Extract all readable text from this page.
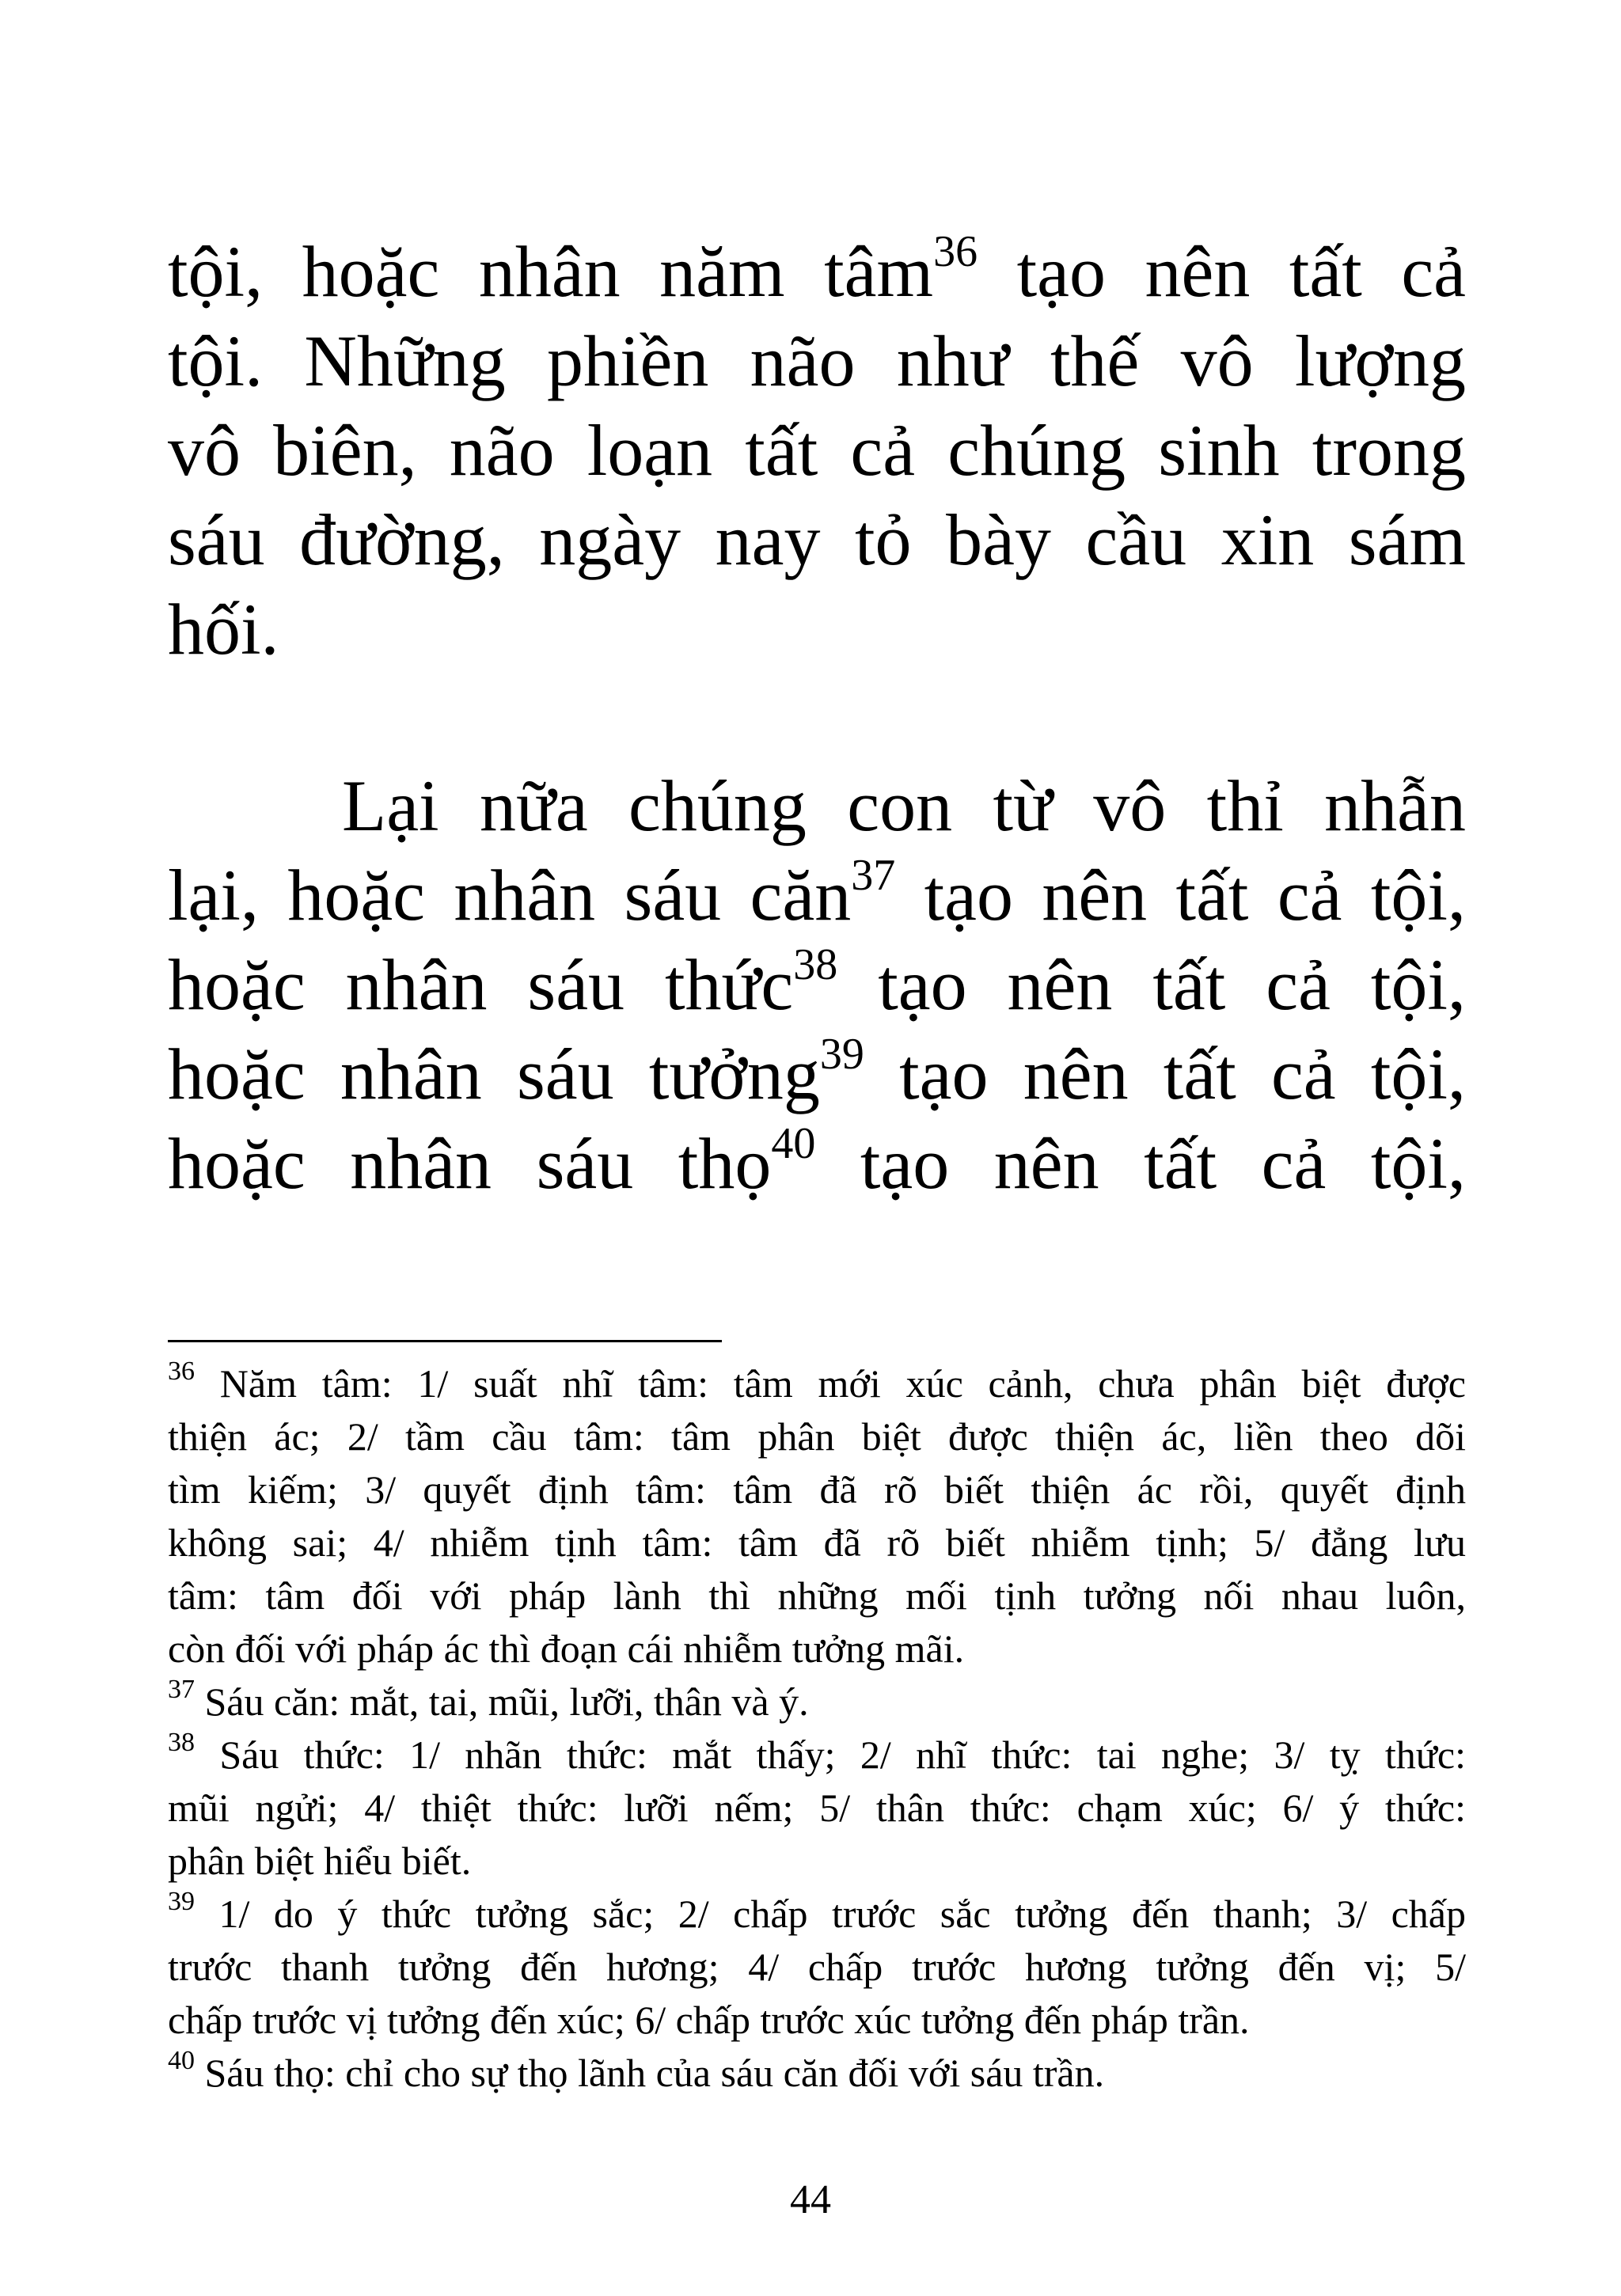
tội, hoặc nhân năm tâm$^{36}$ tạo nên tất cả
tội. Những phiền não như thế vô lượng
vô biên, não loạn tất cả chúng sinh trong
sáu đường, ngày nay tỏ bày cầu xin sám
hối.
Lại nữa chúng con từ vô thỉ nhẫn
lại, hoặc nhân sáu căn$^{37}$ tạo nên tất cả tội,
hoặc nhân sáu thức$^{38}$ tạo nên tất cả tội,
hoặc nhân sáu tưởng$^{39}$ tạo nên tất cả tội,
hoặc nhân sáu thọ$^{40}$ tạo nên tất cả tội,
$^{36}$ Năm tâm: 1/ suất nhĩ tâm: tâm mới xúc cảnh, chưa phân biệt được
thiện ác; 2/ tầm cầu tâm: tâm phân biệt được thiện ác, liền theo dõi
tìm kiếm; 3/ quyết định tâm: tâm đã rõ biết thiện ác rồi, quyết định
không sai; 4/ nhiễm tịnh tâm: tâm đã rõ biết nhiễm tịnh; 5/ đẳng lưu
tâm: tâm đối với pháp lành thì những mối tịnh tưởng nối nhau luôn,
còn đối với pháp ác thì đoạn cái nhiễm tưởng mãi.
$^{37}$ Sáu căn: mắt, tai, mũi, lưỡi, thân và ý.
$^{38}$ Sáu thức: 1/ nhãn thức: mắt thấy; 2/ nhĩ thức: tai nghe; 3/ tỵ thức:
mũi ngửi; 4/ thiệt thức: lưỡi nếm; 5/ thân thức: chạm xúc; 6/ ý thức:
phân biệt hiểu biết.
$^{39}$ 1/ do ý thức tưởng sắc; 2/ chấp trước sắc tưởng đến thanh; 3/ chấp
trước thanh tưởng đến hương; 4/ chấp trước hương tưởng đến vị; 5/
chấp trước vị tưởng đến xúc; 6/ chấp trước xúc tưởng đến pháp trần.
$^{40}$ Sáu thọ: chỉ cho sự thọ lãnh của sáu căn đối với sáu trần.
44
